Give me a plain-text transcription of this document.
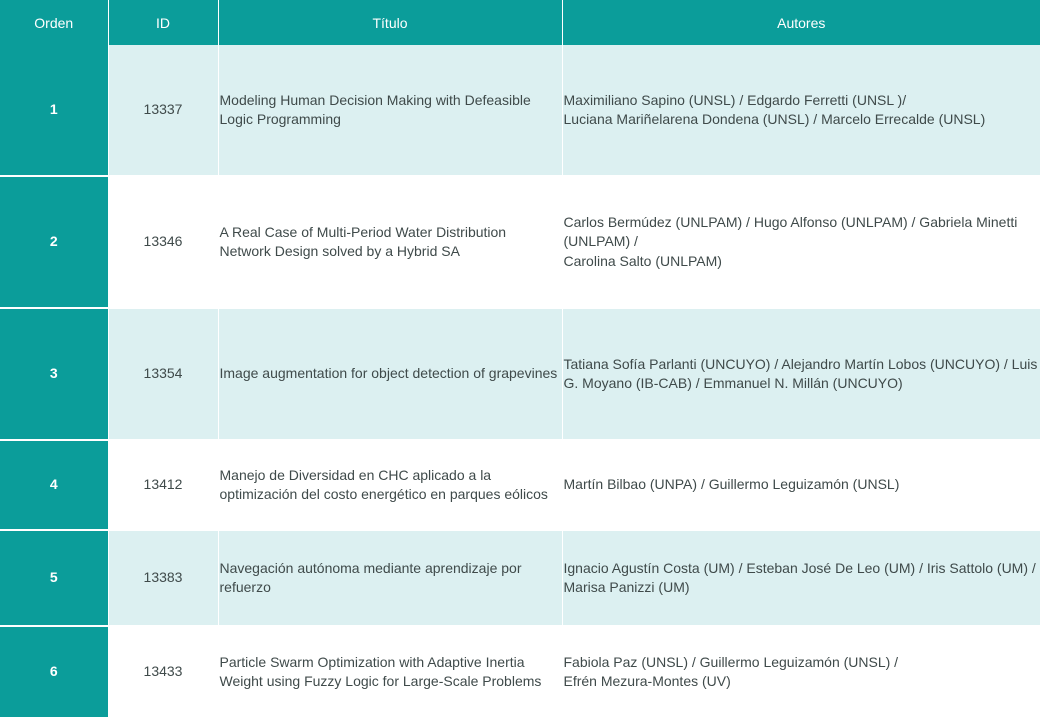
Orden	ID	Título	Autores
1	13337	Modeling Human Decision Making with Defeasible Logic Programming	Maximiliano Sapino (UNSL) / Edgardo Ferretti (UNSL )/
Luciana Mariñelarena Dondena (UNSL) / Marcelo Errecalde (UNSL)
2	13346	A Real Case of Multi-Period Water Distribution Network Design solved by a Hybrid SA	Carlos Bermúdez (UNLPAM) / Hugo Alfonso (UNLPAM) / Gabriela Minetti (UNLPAM) /
Carolina Salto (UNLPAM)
3	13354	Image augmentation for object detection of grapevines	Tatiana Sofía Parlanti (UNCUYO) / Alejandro Martín Lobos (UNCUYO) / Luis G. Moyano (IB-CAB) / Emmanuel N. Millán (UNCUYO)
4	13412	Manejo de Diversidad en CHC aplicado a la optimización del costo energético en parques eólicos	Martín Bilbao (UNPA) / Guillermo Leguizamón (UNSL)
5	13383	Navegación autónoma mediante aprendizaje por refuerzo	Ignacio Agustín Costa (UM) / Esteban José De Leo (UM) / Iris Sattolo (UM) / Marisa Panizzi (UM)
6	13433	Particle Swarm Optimization with Adaptive Inertia Weight using Fuzzy Logic for Large-Scale Problems	Fabiola Paz (UNSL) / Guillermo Leguizamón (UNSL) /
Efrén Mezura-Montes (UV)
